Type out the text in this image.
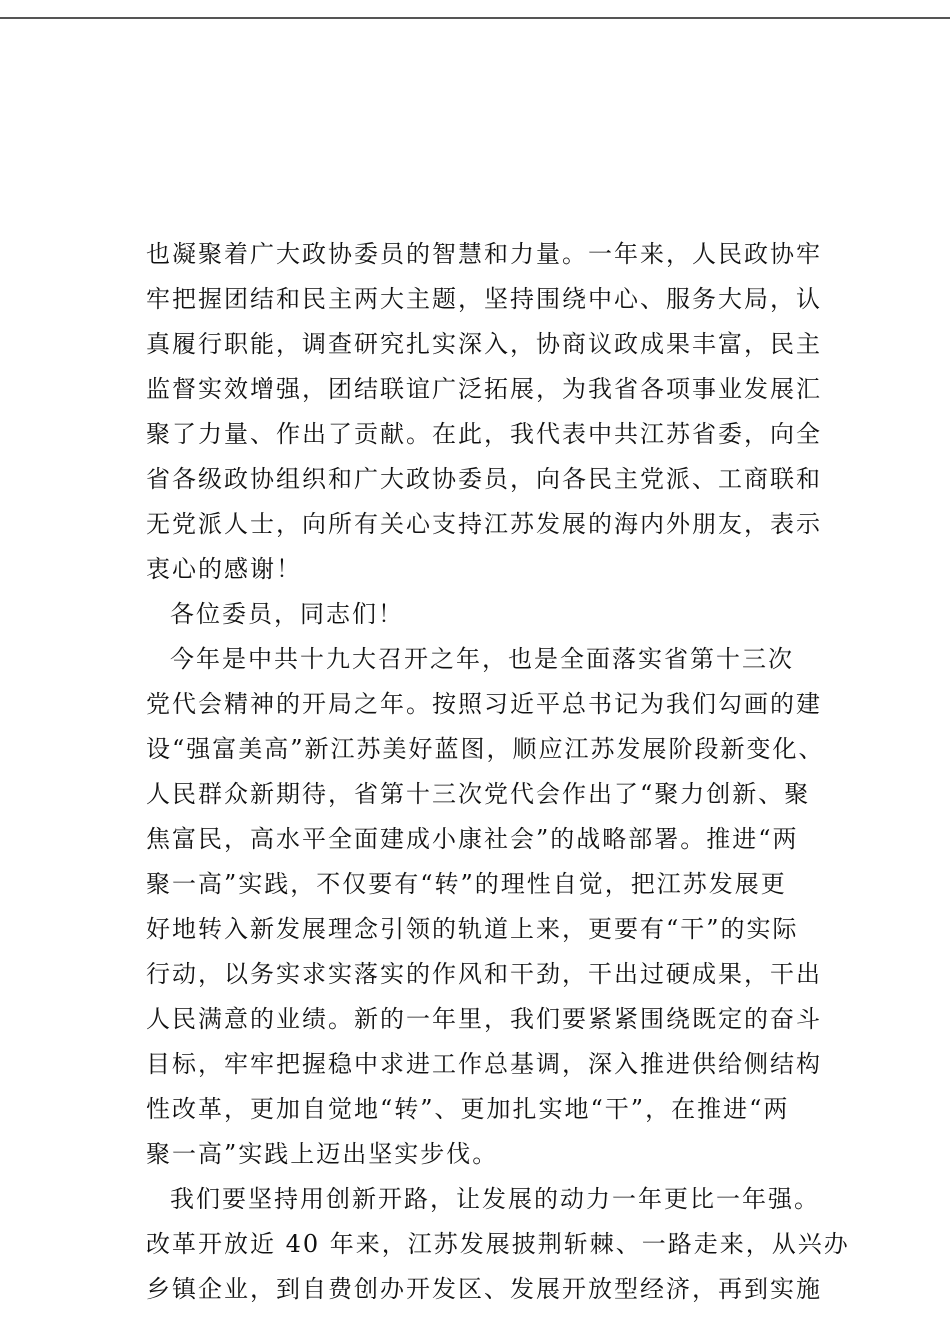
也凝聚着广大政协委员的智慧和力量。一年来，人民政协牢
牢把握团结和民主两大主题，坚持围绕中心、服务大局，认
真履行职能，调查研究扎实深入，协商议政成果丰富，民主
监督实效增强，团结联谊广泛拓展，为我省各项事业发展汇
聚了力量、作出了贡献。在此，我代表中共江苏省委，向全
省各级政协组织和广大政协委员，向各民主党派、工商联和
无党派人士，向所有关心支持江苏发展的海内外朋友，表示
衷心的感谢！
各位委员，同志们！
今年是中共十九大召开之年，也是全面落实省第十三次
党代会精神的开局之年。按照习近平总书记为我们勾画的建
设“强富美高”新江苏美好蓝图，顺应江苏发展阶段新变化、
人民群众新期待，省第十三次党代会作出了“聚力创新、聚
焦富民，高水平全面建成小康社会”的战略部署。推进“两
聚一高”实践，不仅要有“转”的理性自觉，把江苏发展更
好地转入新发展理念引领的轨道上来，更要有“干”的实际
行动，以务实求实落实的作风和干劲，干出过硬成果，干出
人民满意的业绩。新的一年里，我们要紧紧围绕既定的奋斗
目标，牢牢把握稳中求进工作总基调，深入推进供给侧结构
性改革，更加自觉地“转”、更加扎实地“干”，在推进“两
聚一高”实践上迈出坚实步伐。
我们要坚持用创新开路，让发展的动力一年更比一年强。
改革开放近 40 年来，江苏发展披荆斩棘、一路走来，从兴办
乡镇企业，到自费创办开发区、发展开放型经济，再到实施
